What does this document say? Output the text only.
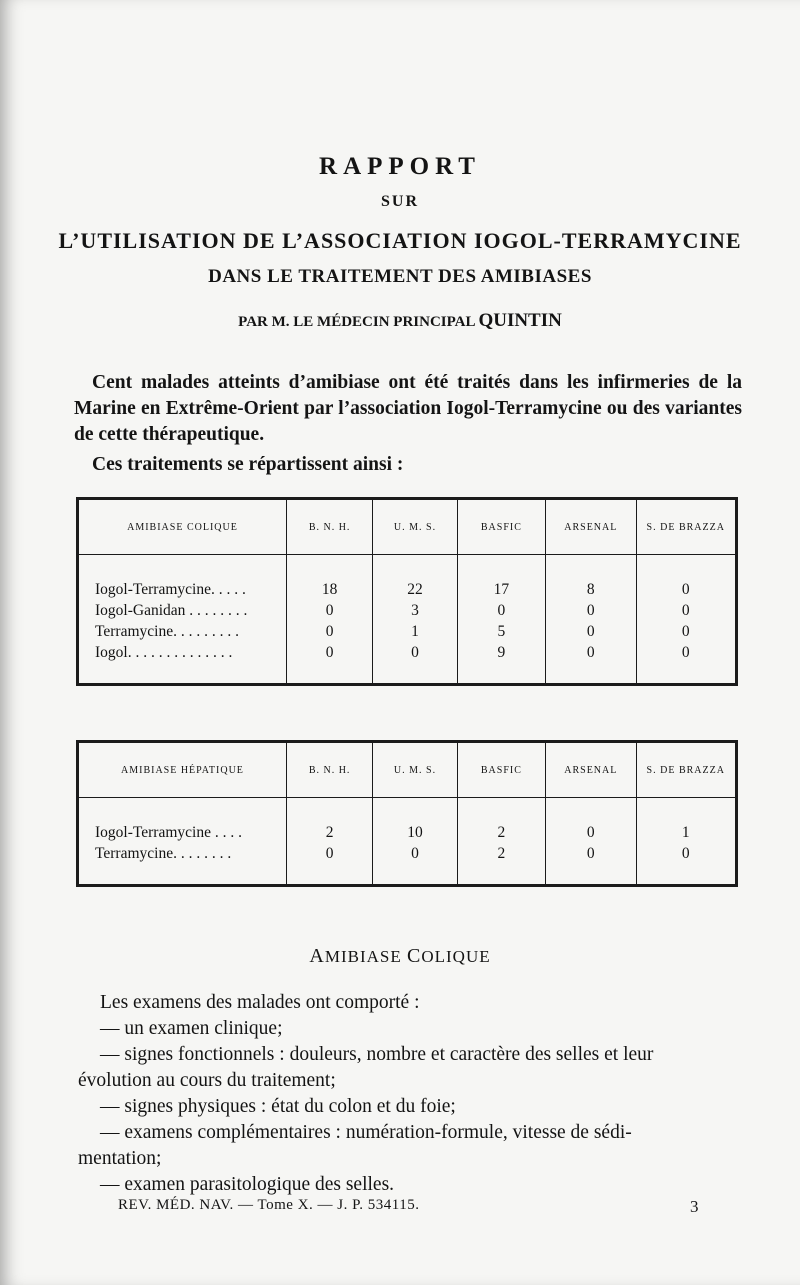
RAPPORT
SUR
L’UTILISATION DE L’ASSOCIATION IOGOL-TERRAMYCINE
DANS LE TRAITEMENT DES AMIBIASES
PAR M. LE MÉDECIN PRINCIPAL QUINTIN
Cent malades atteints d’amibiase ont été traités dans les infirmeries de la Marine en Extrême-Orient par l’association Iogol-Terramycine ou des variantes de cette thérapeutique.
Ces traitements se répartissent ainsi :
AMIBIASE COLIQUE	B. N. H.	U. M. S.	BASFIC	ARSENAL	S. DE BRAZZA

Iogol-Terramycine. . . . .	18	22	17	8	0
Iogol-Ganidan . . . . . . . .	0	3	0	0	0
Terramycine. . . . . . . . .	0	1	5	0	0
Iogol. . . . . . . . . . . . . .	0	0	9	0	0

AMIBIASE HÉPATIQUE	B. N. H.	U. M. S.	BASFIC	ARSENAL	S. DE BRAZZA

Iogol-Terramycine . . . .	2	10	2	0	1
Terramycine. . . . . . . .	0	0	2	0	0

AMIBIASE COLIQUE
Les examens des malades ont comporté :
— un examen clinique;
— signes fonctionnels : douleurs, nombre et caractère des selles et leur
évolution au cours du traitement;
— signes physiques : état du colon et du foie;
— examens complémentaires : numération-formule, vitesse de sédi-
mentation;
— examen parasitologique des selles.
REV. MÉD. NAV. — Tome X. — J. P. 534115.	3
